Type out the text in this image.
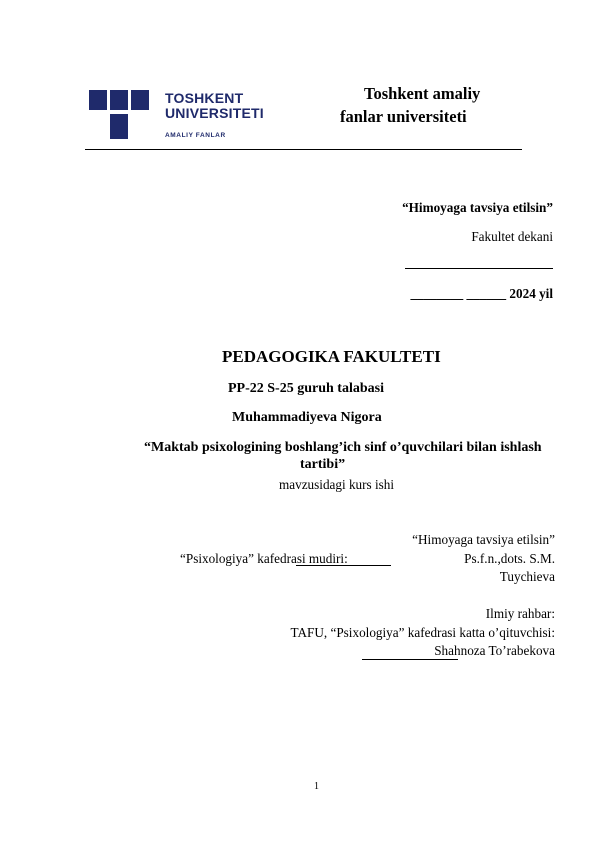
TOSHKENT
UNIVERSITETI
AMALIY FANLAR
Toshkent amaliy
fanlar universiteti
“Himoyaga tavsiya etilsin”
Fakultet dekani
________ ______ 2024 yil
PEDAGOGIKA FAKULTETI
PP-22 S-25 guruh talabasi
Muhammadiyeva Nigora
“Maktab psixologining boshlang’ich sinf o’quvchilari bilan ishlash
tartibi”
mavzusidagi kurs ishi
“Himoyaga tavsiya etilsin”
“Psixologiya” kafedrasi mudiri:	Ps.f.n.,dots. S.M.
Tuychieva
Ilmiy rahbar:
TAFU, “Psixologiya” kafedrasi katta o’qituvchisi:
Shahnoza To’rabekova
1
